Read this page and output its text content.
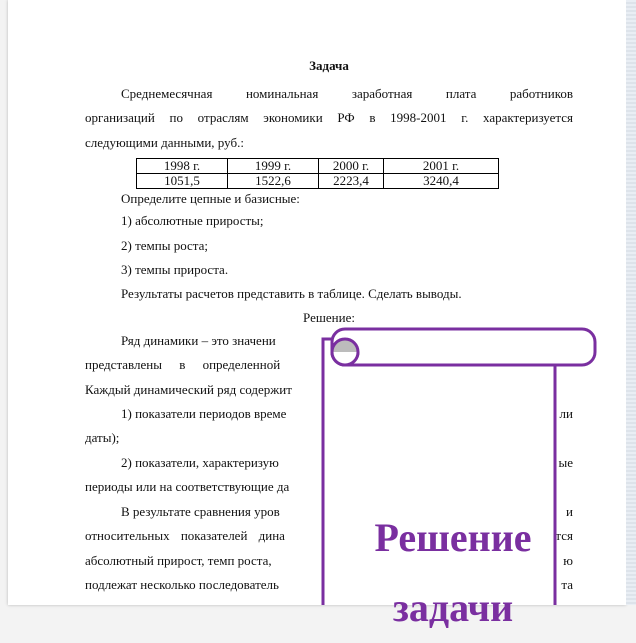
Задача

Среднемесячная номинальная заработная плата работников

организаций по отраслям экономики РФ в 1998-2001 г. характеризуется

следующими данными, руб.:

1998 г.	1999 г.	2000 г.	2001 г.
1051,5	1522,6	2223,4	3240,4

Определите цепные и базисные:

1) абсолютные приросты;

2) темпы роста;

3) темпы прироста.

Результаты расчетов представить в таблице. Сделать выводы.

Решение:

Ряд динамики – это значени

представлены в определенной

Каждый динамический ряд содержит

1) показатели периодов време

даты);

2) показатели, характеризую

периоды или на соответствующие да

В результате сравнения уров

относительных показателей дина

абсолютный прирост, темп роста,

подлежат несколько последователь

ли
ые
и
тся
ю
та
Решение
задачи
